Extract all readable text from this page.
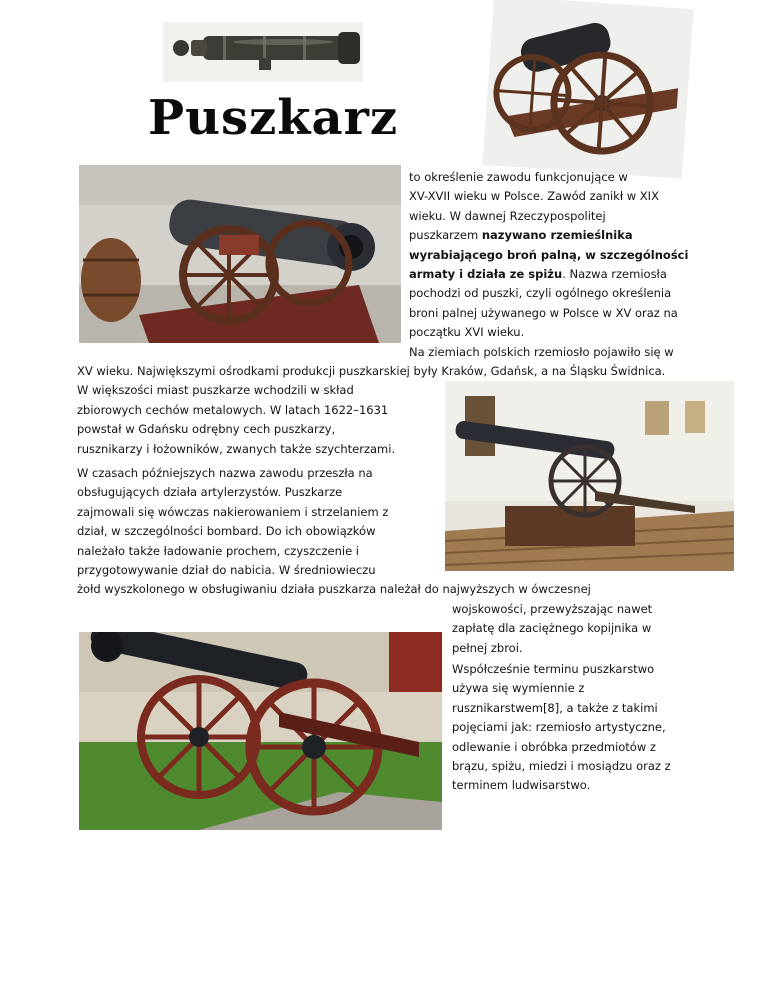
Puszkarz
to określenie zawodu funkcjonujące w
XV-XVII wieku w Polsce. Zawód zanikł w XIX
wieku. W dawnej Rzeczypospolitej
puszkarzem nazywano rzemieślnika
wyrabiającego broń palną, w szczególności
armaty i działa ze spiżu. Nazwa rzemiosła
pochodzi od puszki, czyli ogólnego określenia
broni palnej używanego w Polsce w XV oraz na
początku XVI wieku.
Na ziemiach polskich rzemiosło pojawiło się w
XV wieku. Największymi ośrodkami produkcji puszkarskiej były Kraków, Gdańsk, a na Śląsku Świdnica.
W większości miast puszkarze wchodzili w skład
zbiorowych cechów metalowych. W latach 1622–1631
powstał w Gdańsku odrębny cech puszkarzy,
rusznikarzy i łożowników, zwanych także szychterzami.
W czasach późniejszych nazwa zawodu przeszła na
obsługujących działa artylerzystów. Puszkarze
zajmowali się wówczas nakierowaniem i strzelaniem z
dział, w szczególności bombard. Do ich obowiązków
należało także ładowanie prochem, czyszczenie i
przygotowywanie dział do nabicia. W średniowieczu
żołd wyszkolonego w obsługiwaniu działa puszkarza należał do najwyższych w ówczesnej
wojskowości, przewyższając nawet
zapłatę dla zaciężnego kopijnika w
pełnej zbroi.
Współcześnie terminu puszkarstwo
używa się wymiennie z
rusznikarstwem[8], a także z takimi
pojęciami jak: rzemiosło artystyczne,
odlewanie i obróbka przedmiotów z
brązu, spiżu, miedzi i mosiądzu oraz z
terminem ludwisarstwo.
